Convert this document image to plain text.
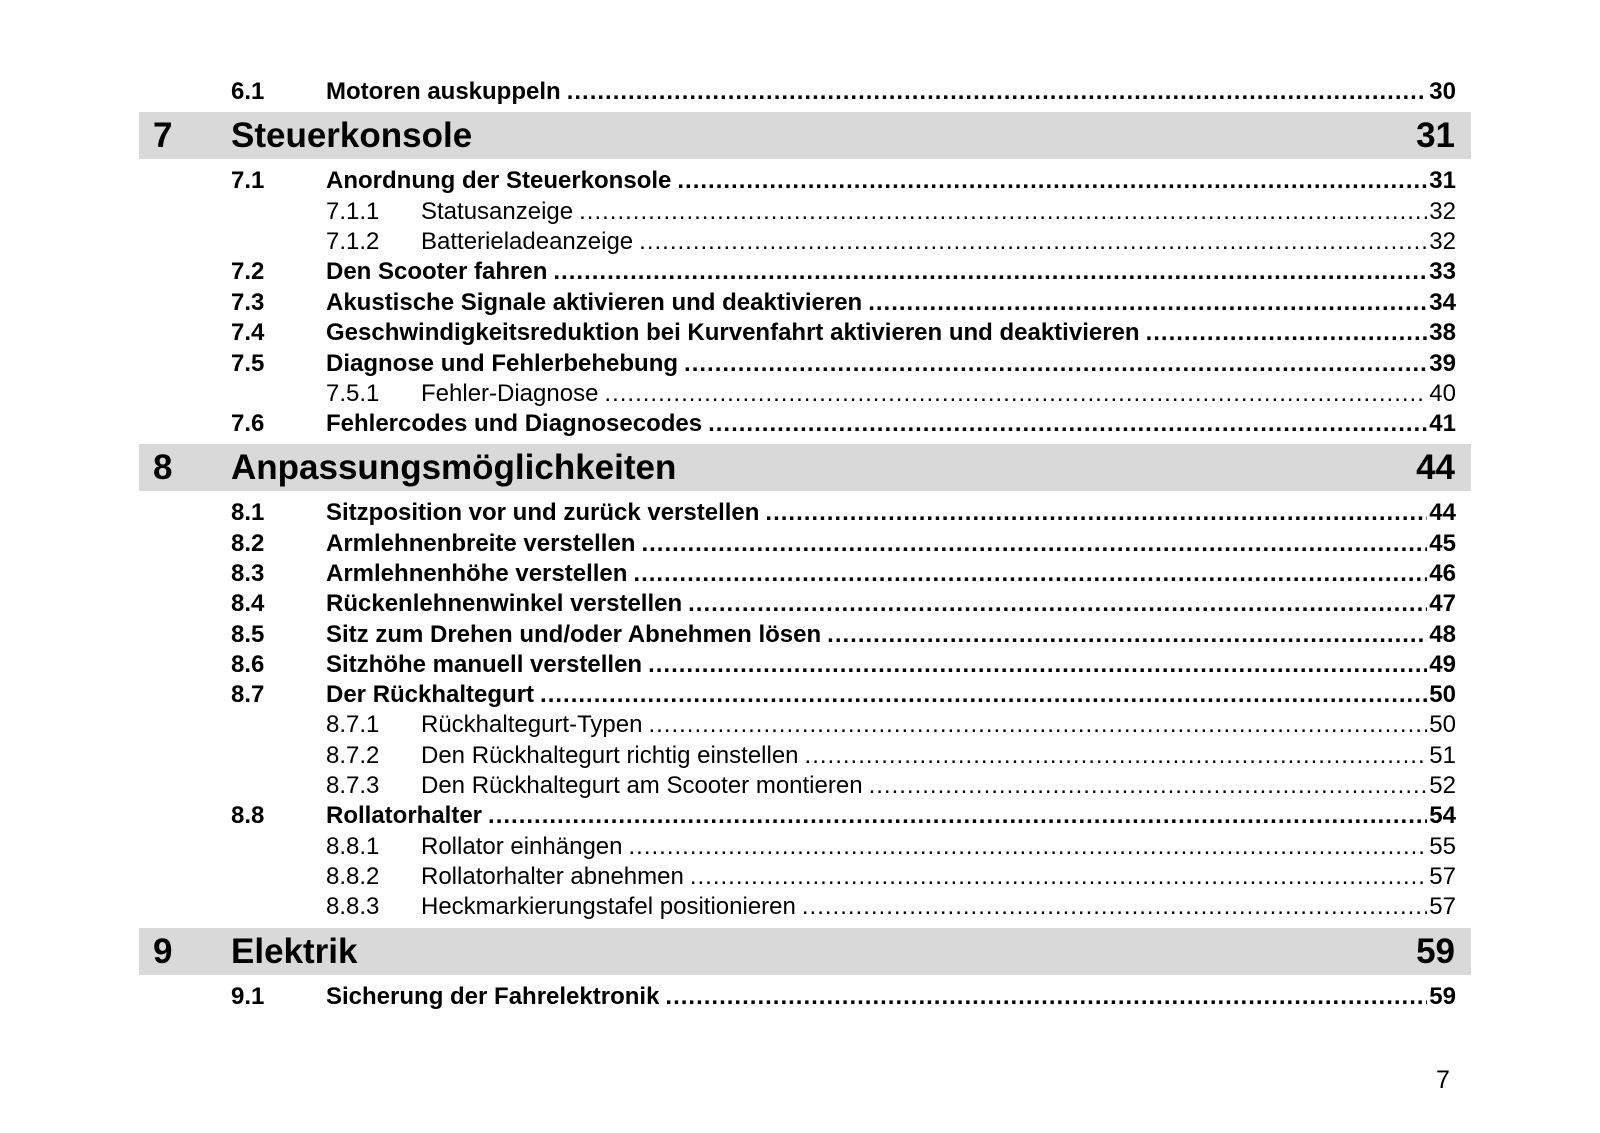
6.1	Motoren auskuppeln .....	30
7 Steuerkonsole	31
7.1	Anordnung der Steuerkonsole .....	31
7.1.1	Statusanzeige .....	32
7.1.2	Batterieladeanzeige .....	32
7.2	Den Scooter fahren .....	33
7.3	Akustische Signale aktivieren und deaktivieren .....	34
7.4	Geschwindigkeitsreduktion bei Kurvenfahrt aktivieren und deaktivieren .....	38
7.5	Diagnose und Fehlerbehebung .....	39
7.5.1	Fehler-Diagnose .....	40
7.6	Fehlercodes und Diagnosecodes .....	41
8 Anpassungsmöglichkeiten	44
8.1	Sitzposition vor und zurück verstellen .....	44
8.2	Armlehnenbreite verstellen .....	45
8.3	Armlehnenhöhe verstellen .....	46
8.4	Rückenlehnenwinkel verstellen .....	47
8.5	Sitz zum Drehen und/oder Abnehmen lösen .....	48
8.6	Sitzhöhe manuell verstellen .....	49
8.7	Der Rückhaltegurt .....	50
8.7.1	Rückhaltegurt-Typen .....	50
8.7.2	Den Rückhaltegurt richtig einstellen .....	51
8.7.3	Den Rückhaltegurt am Scooter montieren .....	52
8.8	Rollatorhalter .....	54
8.8.1	Rollator einhängen .....	55
8.8.2	Rollatorhalter abnehmen .....	57
8.8.3	Heckmarkierungstafel positionieren .....	57
9 Elektrik	59
9.1	Sicherung der Fahrelektronik .....	59
7
